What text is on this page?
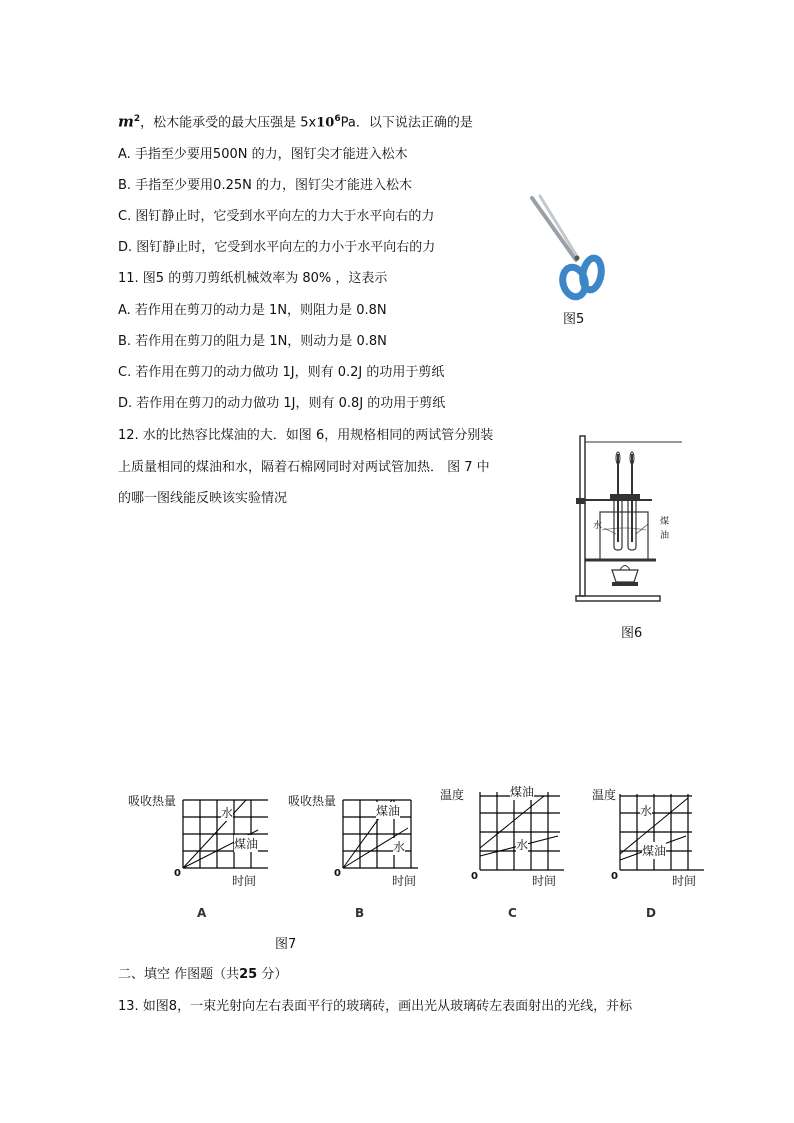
$m^2$，松木能承受的最大压强是 $5x10^6Pa$．以下说法正确的是
A. 手指至少要用500N 的力，图钉尖才能进入松木
B. 手指至少要用0.25N 的力，图钉尖才能进入松木
C. 图钉静止时，它受到水平向左的力大于水平向右的力
D. 图钉静止时，它受到水平向左的力小于水平向右的力
11. 图5 的剪刀剪纸机械效率为 80% ，这表示
A. 若作用在剪刀的动力是 1N，则阻力是 0.8N
B. 若作用在剪刀的阻力是 1N，则动力是 0.8N
C. 若作用在剪刀的动力做功 1J，则有 0.2J 的功用于剪纸
D. 若作用在剪刀的动力做功 1J，则有 0.8J 的功用于剪纸
图5
12. 水的比热容比煤油的大．如图 6，用规格相同的两试管分别装
上质量相同的煤油和水，隔着石棉网同时对两试管加热． 图 7 中
的哪一图线能反映该实验情况
水	煤
油
图6
吸收热量
水
煤油
0
时间
A
吸收热量
煤油
水
0
时间
B
温度	煤油
水
0	时间
C
温度
水
煤油
0	时间
D
图7
二、填空 作图题（共25 分）
13. 如图8，一束光射向左右表面平行的玻璃砖，画出光从玻璃砖左表面射出的光线，并标
